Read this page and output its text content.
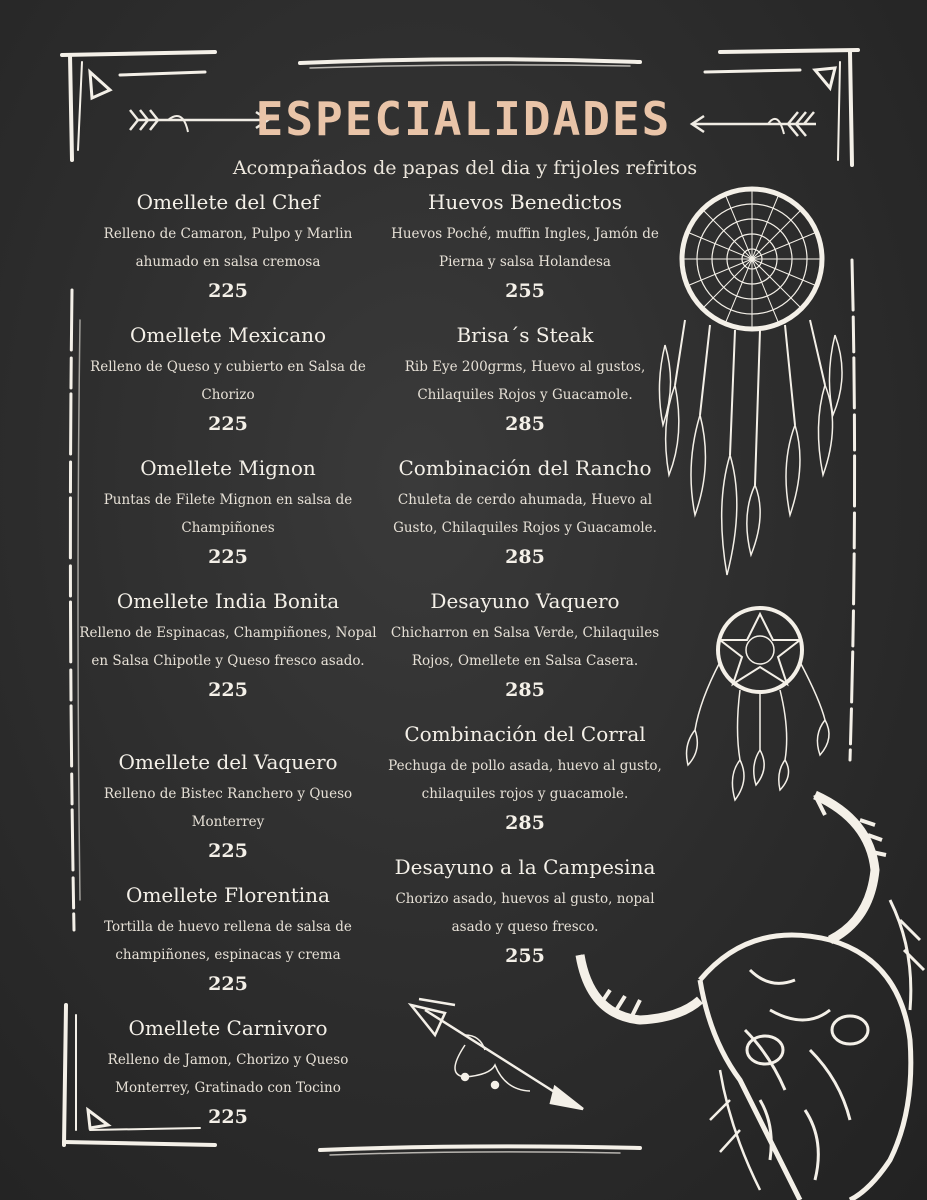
ESPECIALIDADES

Acompañados de papas del dia y frijoles refritos

Omellete del Chef

Relleno de Camaron, Pulpo y Marlin ahumado en salsa cremosa

225
Omellete Mexicano

Relleno de Queso y cubierto en Salsa de Chorizo

225
Omellete Mignon

Puntas de Filete Mignon en salsa de Champiñones

225
Omellete India Bonita

Relleno de Espinacas, Champiñones, Nopal en Salsa Chipotle y Queso fresco asado.

225
Omellete del Vaquero

Relleno de Bistec Ranchero y Queso Monterrey

225
Omellete Florentina

Tortilla de huevo rellena de salsa de champiñones, espinacas y crema

225
Omellete Carnivoro

Relleno de Jamon, Chorizo y Queso Monterrey, Gratinado con Tocino

225
Huevos Benedictos

Huevos Poché, muffin Ingles, Jamón de Pierna y salsa Holandesa

255
Brisa´s Steak

Rib Eye 200grms, Huevo al gustos, Chilaquiles Rojos y Guacamole.

285
Combinación del Rancho

Chuleta de cerdo ahumada, Huevo al Gusto, Chilaquiles Rojos y Guacamole.

285
Desayuno Vaquero

Chicharron en Salsa Verde, Chilaquiles Rojos, Omellete en Salsa Casera.

285
Combinación del Corral

Pechuga de pollo asada, huevo al gusto, chilaquiles rojos y guacamole.

285
Desayuno a la Campesina

Chorizo asado, huevos al gusto, nopal asado y queso fresco.

255
